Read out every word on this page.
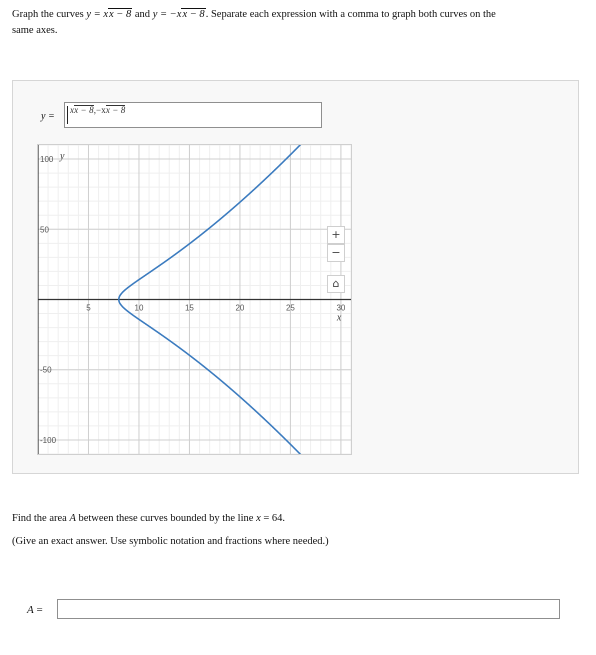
Graph the curves y = xx − 8 and y = −xx − 8. Separate each expression with a comma to graph both curves on the
same axes.
y =
xx − 8,−xx − 8
5	10	15	20	25	30
100
50
-50
-100
y
x
+
−
⌂
Find the area A between these curves bounded by the line x = 64.
(Give an exact answer. Use symbolic notation and fractions where needed.)
A =
